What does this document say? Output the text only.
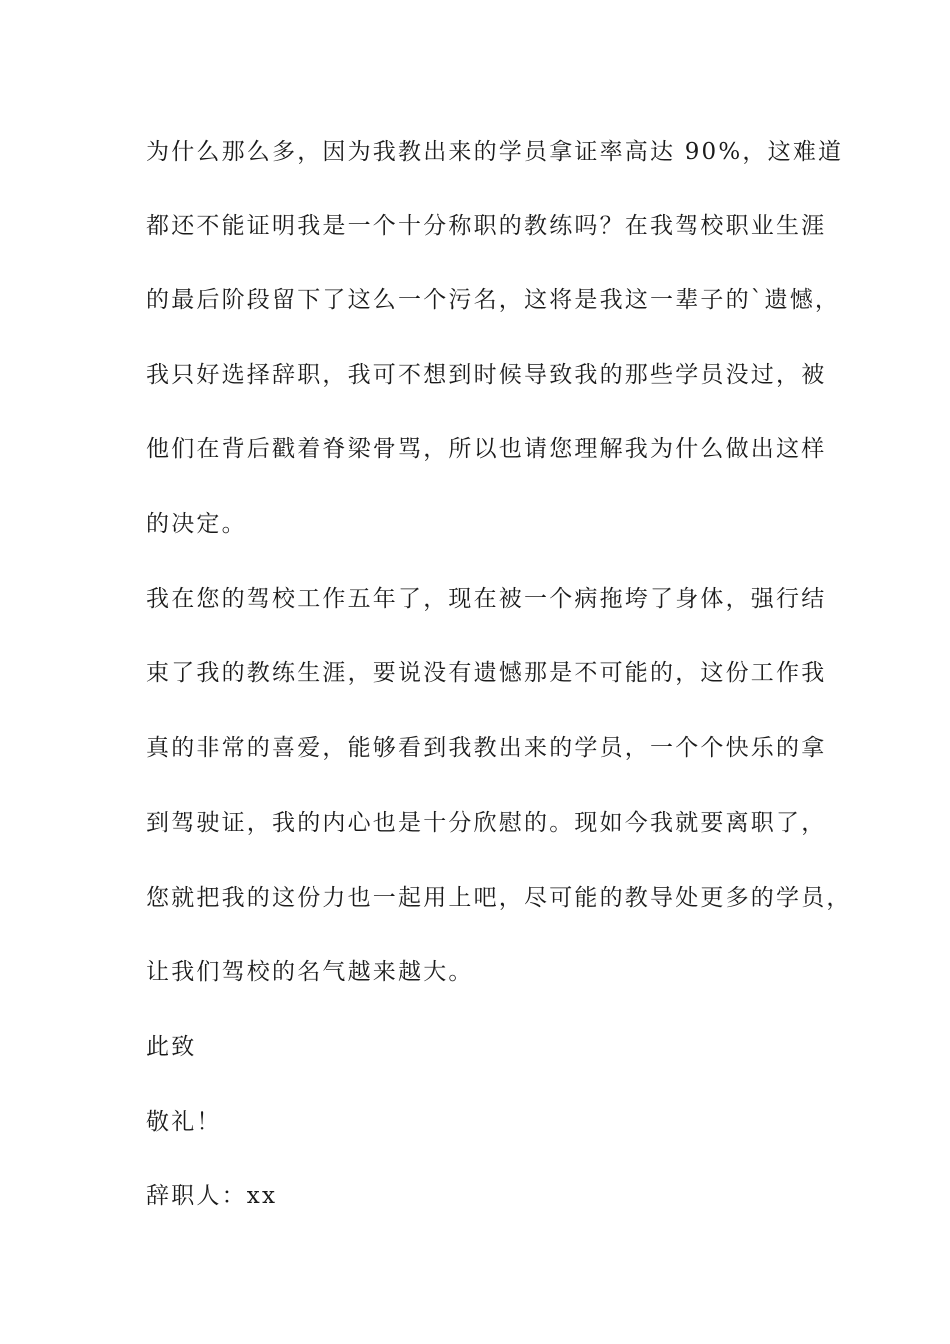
为什么那么多，因为我教出来的学员拿证率高达 90%，这难道
都还不能证明我是一个十分称职的教练吗？在我驾校职业生涯
的最后阶段留下了这么一个污名，这将是我这一辈子的`遗憾，
我只好选择辞职，我可不想到时候导致我的那些学员没过，被
他们在背后戳着脊梁骨骂，所以也请您理解我为什么做出这样
的决定。
我在您的驾校工作五年了，现在被一个病拖垮了身体，强行结
束了我的教练生涯，要说没有遗憾那是不可能的，这份工作我
真的非常的喜爱，能够看到我教出来的学员，一个个快乐的拿
到驾驶证，我的内心也是十分欣慰的。现如今我就要离职了，
您就把我的这份力也一起用上吧，尽可能的教导处更多的学员，
让我们驾校的名气越来越大。
此致
敬礼！
辞职人：xx
